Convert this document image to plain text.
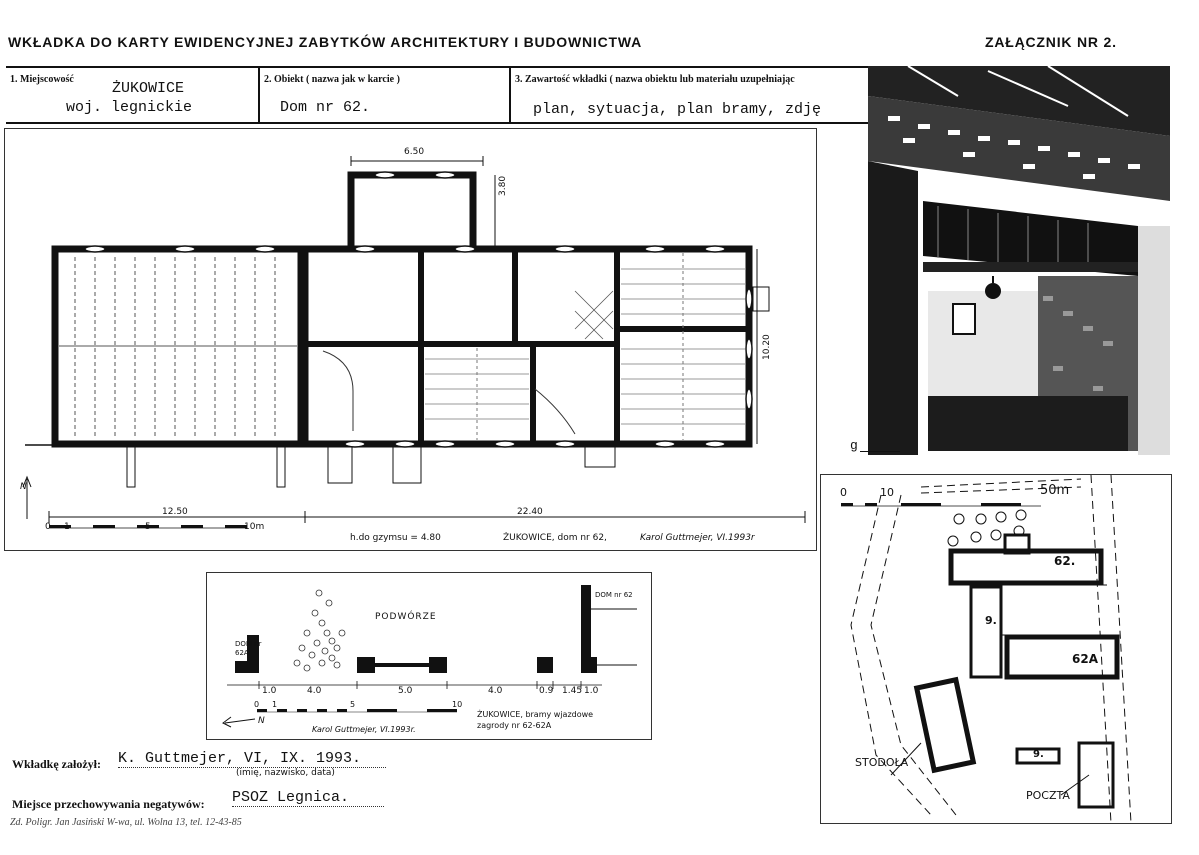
WKŁADKA DO KARTY EWIDENCYJNEJ ZABYTKÓW ARCHITEKTURY I BUDOWNICTWA	ZAŁĄCZNIK NR 2.
1. Miejscowość
ŻUKOWICE
woj. legnickie
2. Obiekt ( nazwa jak w karcie )
Dom nr 62.
3. Zawartość wkładki ( nazwa obiektu lub materiału uzupełniając
plan, sytuacja, plan bramy, zdję
6.50
3.80
10.20
12.50	22.40
N
0 1	5	10m
h.do gzymsu = 4.80	ŻUKOWICE, dom nr 62,	Karol Guttmejer, VI.1993r
g
PODWÓRZE
DOM nr 62A
DOM nr 62
1.0	4.0	5.0	4.0	0.9 1.45 1.0
0 1	5	10
N
Karol Guttmejer, VI.1993r.
ŻUKOWICE, bramy wjazdowe
zagrody nr 62-62A
0	10	50m
62.
9.
62A
9.
STODOŁA
POCZTA
Wkładkę założył: K. Guttmejer, VI, IX. 1993.
(imię, nazwisko, data)
Miejsce przechowywania negatywów: PSOZ Legnica.
Zd. Poligr. Jan Jasiński W-wa, ul. Wolna 13, tel. 12-43-85
